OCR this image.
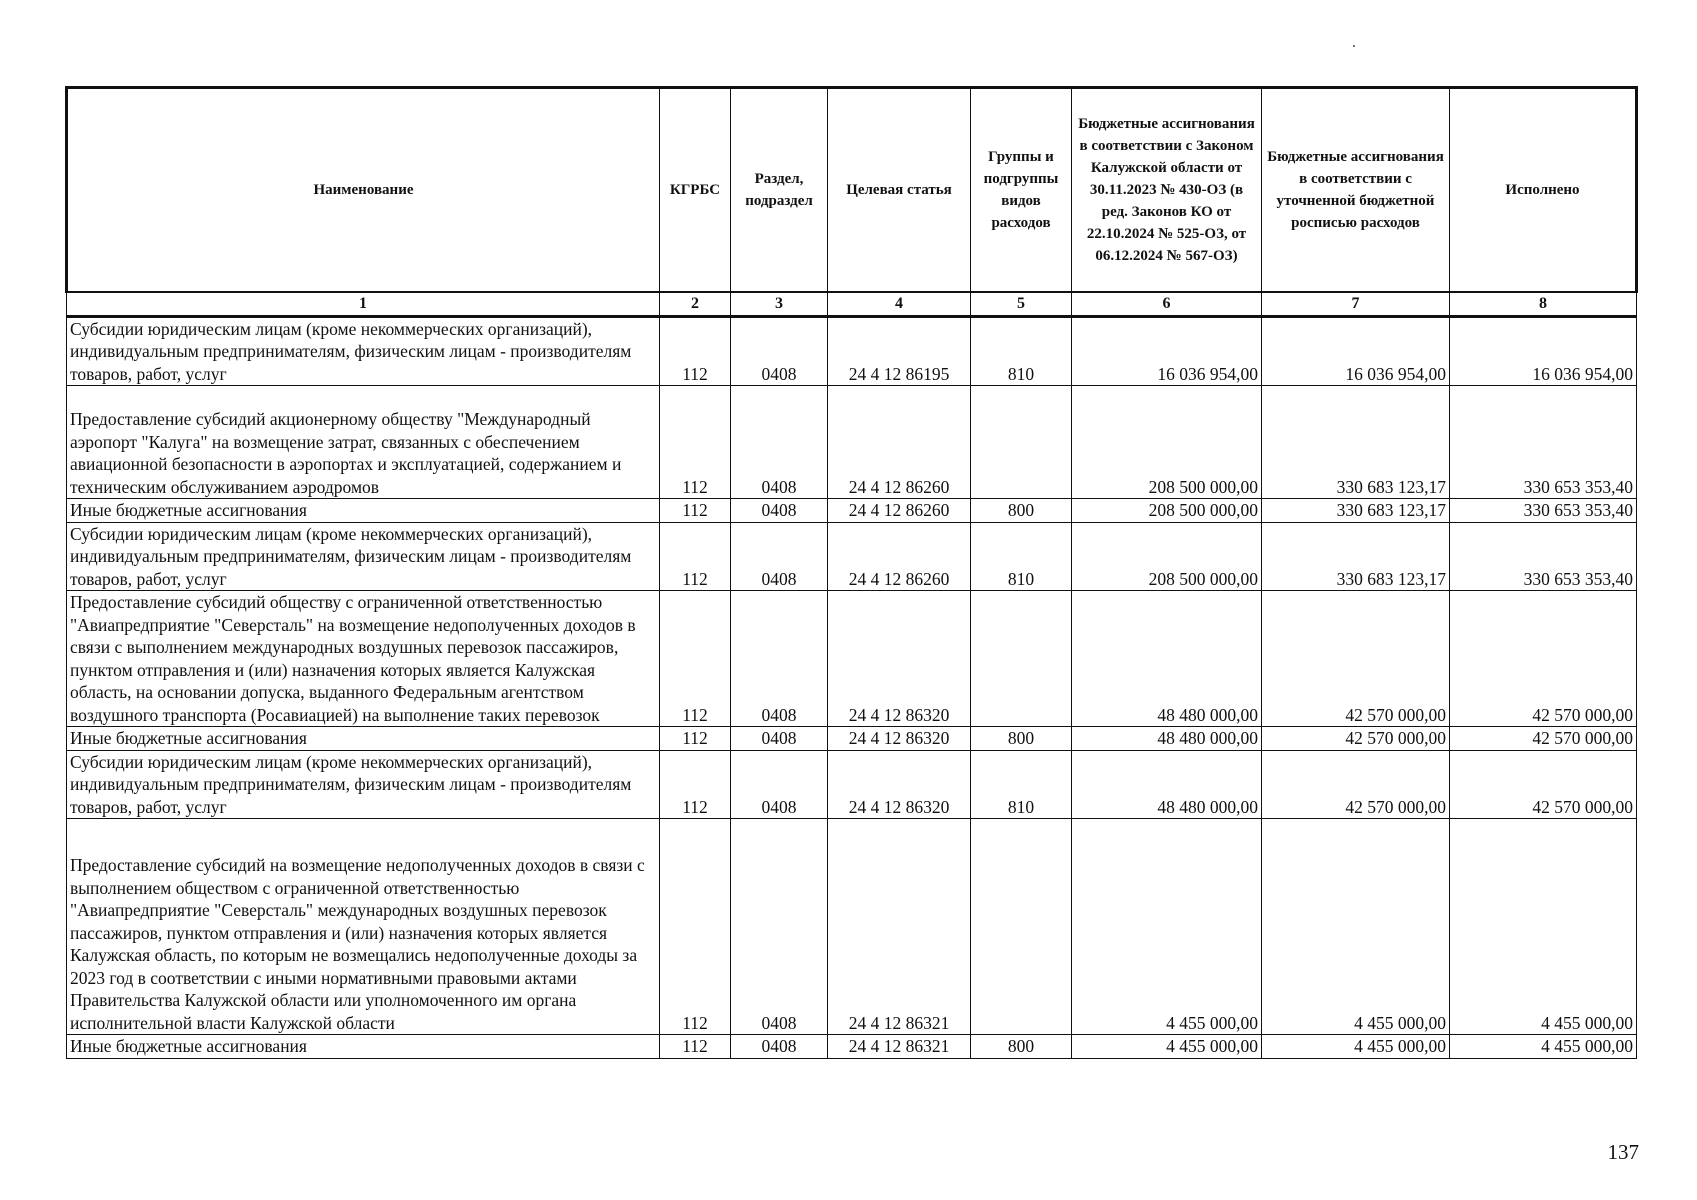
Наименование	КГРБС	Раздел, подраздел	Целевая статья	Группы и подгруппы видов расходов	Бюджетные ассигнования в соответствии с Законом Калужской области от 30.11.2023 № 430-ОЗ (в ред. Законов КО от 22.10.2024 № 525-ОЗ, от 06.12.2024 № 567-ОЗ)	Бюджетные ассигнования в соответствии с уточненной бюджетной росписью расходов	Исполнено
1	2	3	4	5	6	7	8
Субсидии юридическим лицам (кроме некоммерческих организаций), индивидуальным предпринимателям, физическим лицам - производителям товаров, работ, услуг	112	0408	24 4 12 86195	810	16 036 954,00	16 036 954,00	16 036 954,00
Предоставление субсидий акционерному обществу "Международный аэропорт "Калуга" на возмещение затрат, связанных с обеспечением авиационной безопасности в аэропортах и эксплуатацией, содержанием и техническим обслуживанием аэродромов	112	0408	24 4 12 86260		208 500 000,00	330 683 123,17	330 653 353,40
Иные бюджетные ассигнования	112	0408	24 4 12 86260	800	208 500 000,00	330 683 123,17	330 653 353,40
Субсидии юридическим лицам (кроме некоммерческих организаций), индивидуальным предпринимателям, физическим лицам - производителям товаров, работ, услуг	112	0408	24 4 12 86260	810	208 500 000,00	330 683 123,17	330 653 353,40
Предоставление субсидий обществу с ограниченной ответственностью "Авиапредприятие "Северсталь" на возмещение недополученных доходов в связи с выполнением международных воздушных перевозок пассажиров, пунктом отправления и (или) назначения которых является Калужская область, на основании допуска, выданного Федеральным агентством воздушного транспорта (Росавиацией) на выполнение таких перевозок	112	0408	24 4 12 86320		48 480 000,00	42 570 000,00	42 570 000,00
Иные бюджетные ассигнования	112	0408	24 4 12 86320	800	48 480 000,00	42 570 000,00	42 570 000,00
Субсидии юридическим лицам (кроме некоммерческих организаций), индивидуальным предпринимателям, физическим лицам - производителям товаров, работ, услуг	112	0408	24 4 12 86320	810	48 480 000,00	42 570 000,00	42 570 000,00
Предоставление субсидий на возмещение недополученных доходов в связи с выполнением обществом с ограниченной ответственностью "Авиапредприятие "Северсталь" международных воздушных перевозок пассажиров, пунктом отправления и (или) назначения которых является Калужская область, по которым не возмещались недополученные доходы за 2023 год в соответствии с иными нормативными правовыми актами Правительства Калужской области или уполномоченного им органа исполнительной власти Калужской области	112	0408	24 4 12 86321		4 455 000,00	4 455 000,00	4 455 000,00
Иные бюджетные ассигнования	112	0408	24 4 12 86321	800	4 455 000,00	4 455 000,00	4 455 000,00
137
